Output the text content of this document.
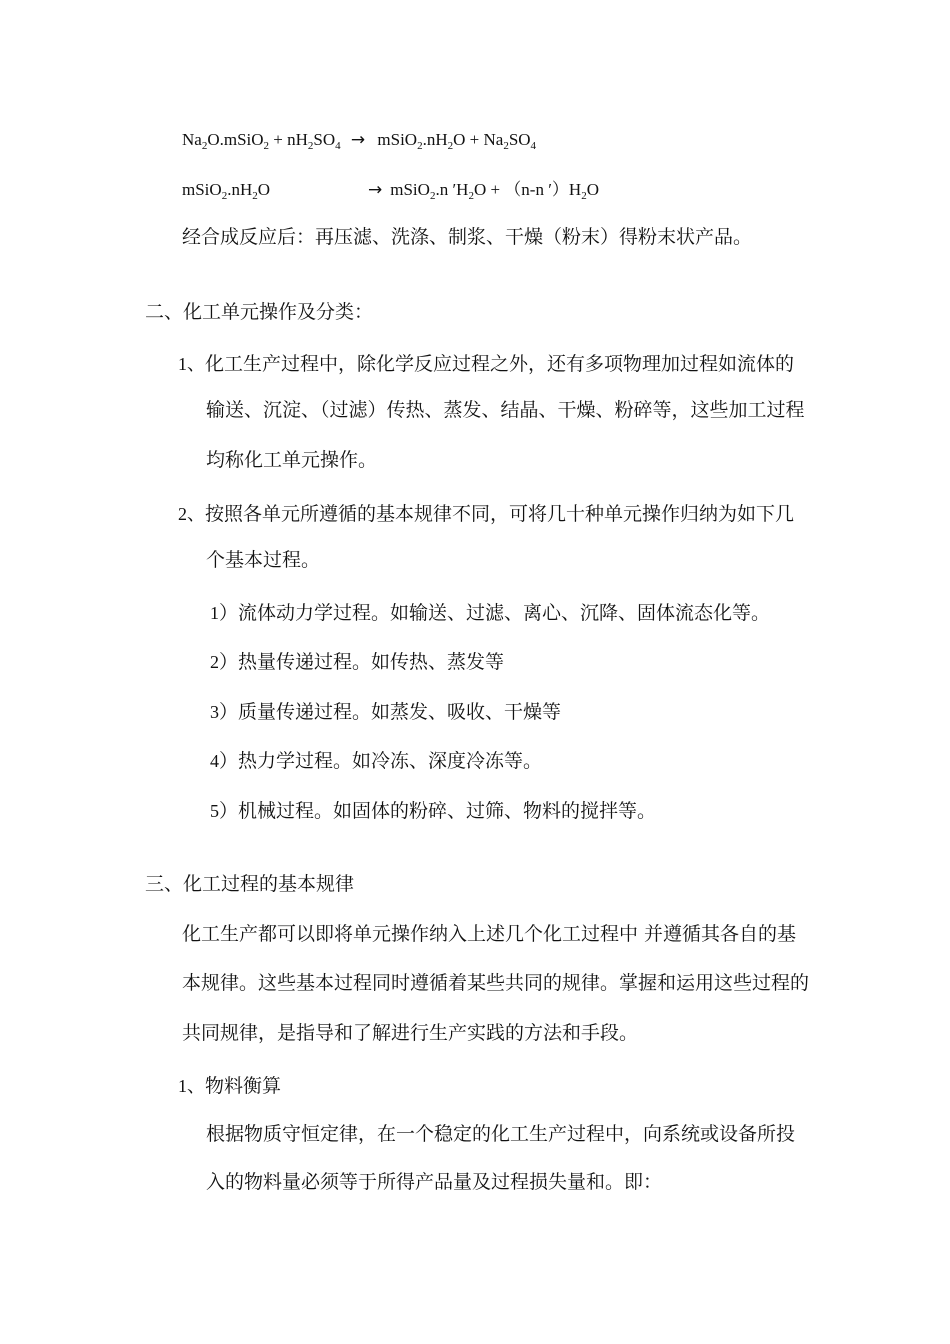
$Na_2O.mSiO_2 + nH_2SO_4$ → $mSiO_2.nH_2O + Na_2SO_4$
$mSiO_2.nH_2O$	→ mSiO$_2$.n $'H_2O + (n-n$ $')H_2O$
经合成反应后：再压滤、洗涤、制浆、干燥（粉末）得粉末状产品。
二、化工单元操作及分类：
1、化工生产过程中，除化学反应过程之外，还有多项物理加过程如流体的
输送、沉淀、（过滤）传热、蒸发、结晶、干燥、粉碎等，这些加工过程
均称化工单元操作。
2、按照各单元所遵循的基本规律不同，可将几十种单元操作归纳为如下几
个基本过程。
1）流体动力学过程。如输送、过滤、离心、沉降、固体流态化等。
2）热量传递过程。如传热、蒸发等
3）质量传递过程。如蒸发、吸收、干燥等
4）热力学过程。如冷冻、深度冷冻等。
5）机械过程。如固体的粉碎、过筛、物料的搅拌等。
三、化工过程的基本规律
化工生产都可以即将单元操作纳入上述几个化工过程中 并遵循其各自的基
本规律。这些基本过程同时遵循着某些共同的规律。掌握和运用这些过程的
共同规律，是指导和了解进行生产实践的方法和手段。
1、物料衡算
根据物质守恒定律，在一个稳定的化工生产过程中，向系统或设备所投
入的物料量必须等于所得产品量及过程损失量和。即：
